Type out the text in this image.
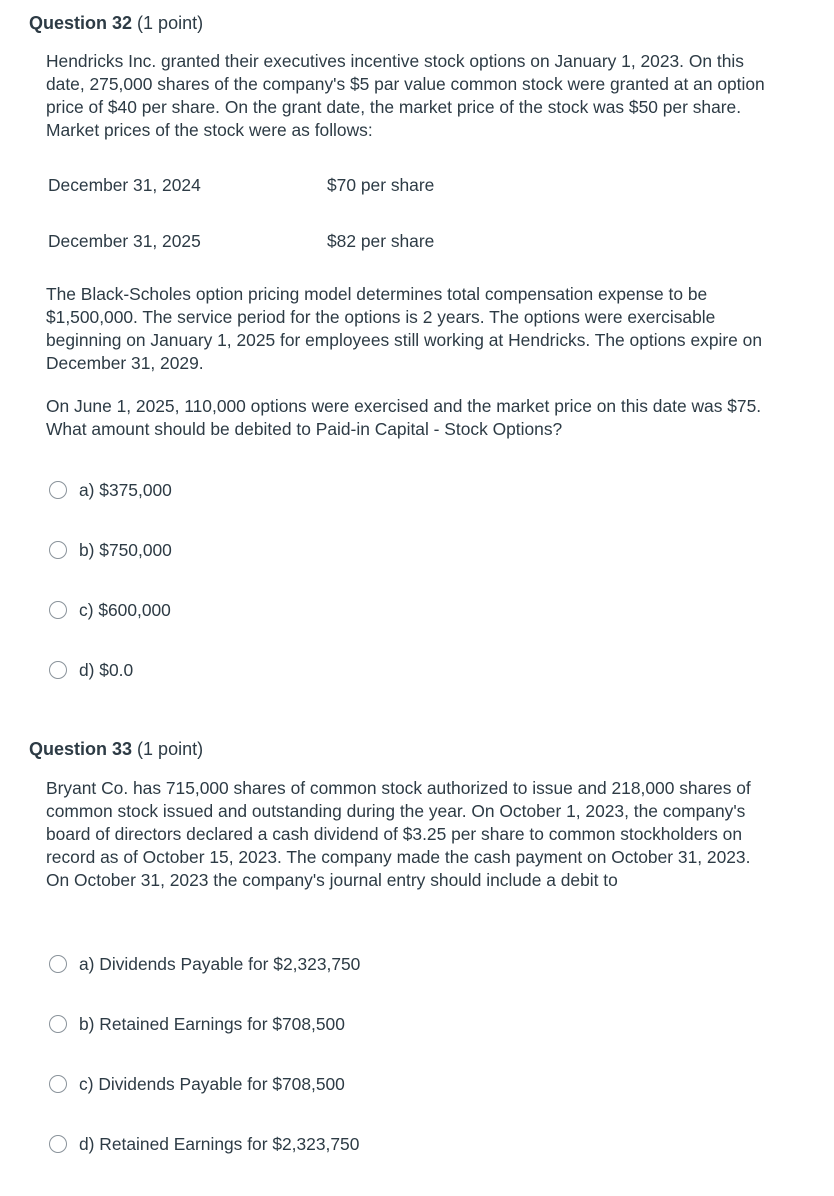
Question 32 (1 point)
Hendricks Inc. granted their executives incentive stock options on January 1, 2023. On this date, 275,000 shares of the company's $5 par value common stock were granted at an option price of $40 per share. On the grant date, the market price of the stock was $50 per share. Market prices of the stock were as follows:
December 31, 2024	$70 per share
December 31, 2025	$82 per share
The Black-Scholes option pricing model determines total compensation expense to be $1,500,000. The service period for the options is 2 years. The options were exercisable beginning on January 1, 2025 for employees still working at Hendricks. The options expire on December 31, 2029.
On June 1, 2025, 110,000 options were exercised and the market price on this date was $75. What amount should be debited to Paid-in Capital - Stock Options?
a) $375,000
b) $750,000
c) $600,000
d) $0.0
Question 33 (1 point)
Bryant Co. has 715,000 shares of common stock authorized to issue and 218,000 shares of common stock issued and outstanding during the year. On October 1, 2023, the company's board of directors declared a cash dividend of $3.25 per share to common stockholders on record as of October 15, 2023. The company made the cash payment on October 31, 2023. On October 31, 2023 the company's journal entry should include a debit to
a) Dividends Payable for $2,323,750
b) Retained Earnings for $708,500
c) Dividends Payable for $708,500
d) Retained Earnings for $2,323,750
